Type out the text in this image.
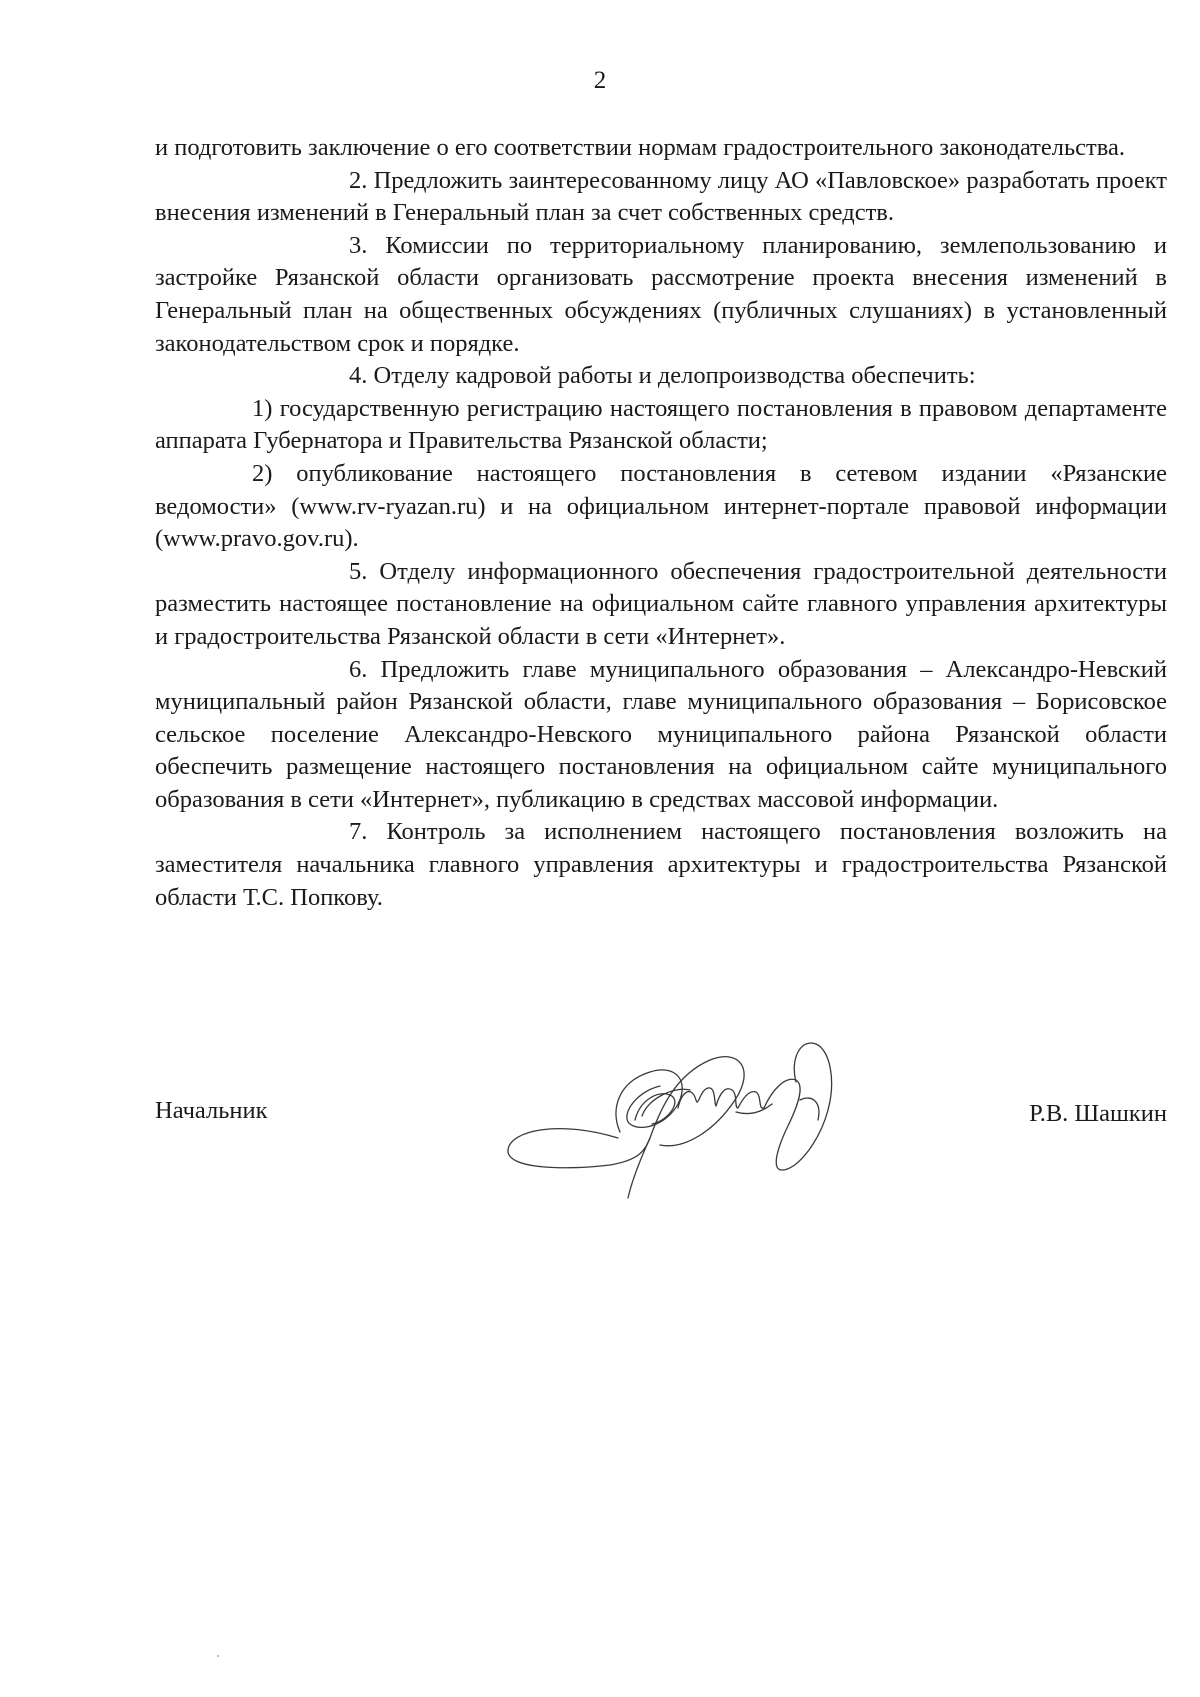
2

и подготовить заключение о его соответствии нормам градостроительного законодательства.

2. Предложить заинтересованному лицу АО «Павловское» разработать проект внесения изменений в Генеральный план за счет собственных средств.

3. Комиссии по территориальному планированию, землепользованию и застройке Рязанской области организовать рассмотрение проекта внесения изменений в Генеральный план на общественных обсуждениях (публичных слушаниях) в установленный законодательством срок и порядке.

4. Отделу кадровой работы и делопроизводства обеспечить:

1) государственную регистрацию настоящего постановления в правовом департаменте аппарата Губернатора и Правительства Рязанской области;

2) опубликование настоящего постановления в сетевом издании «Рязанские ведомости» (www.rv-ryazan.ru) и на официальном интернет-портале правовой информации (www.pravo.gov.ru).

5. Отделу информационного обеспечения градостроительной деятельности разместить настоящее постановление на официальном сайте главного управления архитектуры и градостроительства Рязанской области в сети «Интернет».

6. Предложить главе муниципального образования – Александро-Невский муниципальный район Рязанской области, главе муниципального образования – Борисовское сельское поселение Александро-Невского муниципального района Рязанской области обеспечить размещение настоящего постановления на официальном сайте муниципального образования в сети «Интернет», публикацию в средствах массовой информации.

7. Контроль за исполнением настоящего постановления возложить на заместителя начальника главного управления архитектуры и градостроительства Рязанской области Т.С. Попкову.

Начальник	Р.В. Шашкин
